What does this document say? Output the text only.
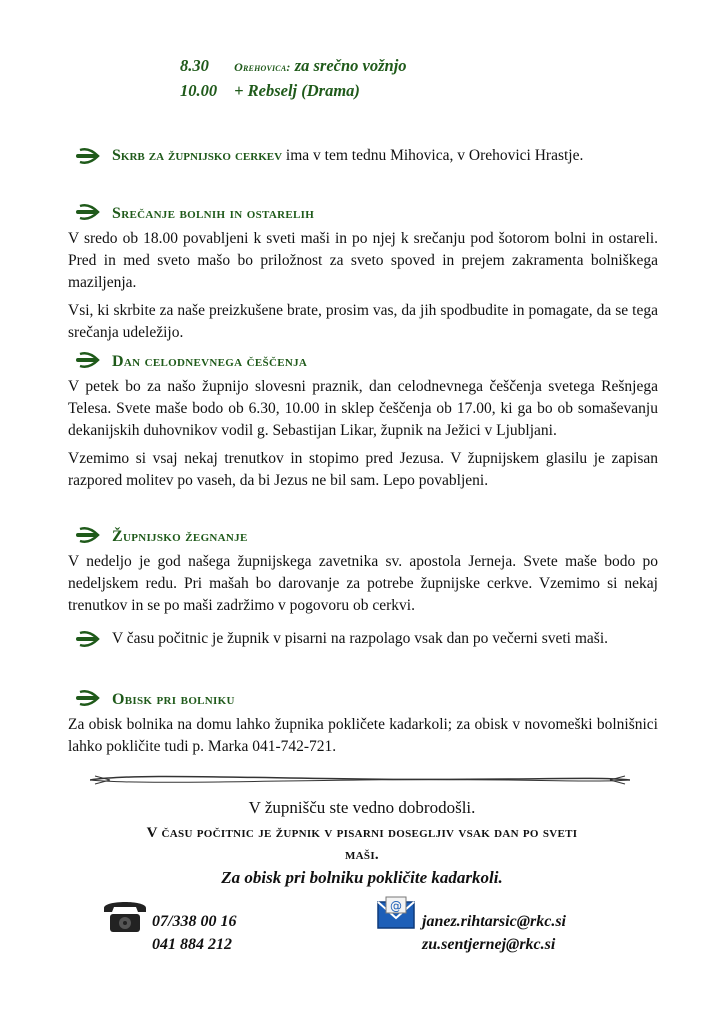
8.30 Orehovica: za srečno vožnjo
10.00 + Rebselj (Drama)
Skrb za župnijsko cerkev ima v tem tednu Mihovica, v Orehovici Hrastje.
Srečanje bolnih in ostarelih

V sredo ob 18.00 povabljeni k sveti maši in po njej k srečanju pod šotorom bolni in ostareli. Pred in med sveto mašo bo priložnost za sveto spoved in prejem zakramenta bolniškega maziljenja.

Vsi, ki skrbite za naše preizkušene brate, prosim vas, da jih spodbudite in pomagate, da se tega srečanja udeležijo.

Dan celodnevnega češčenja

V petek bo za našo župnijo slovesni praznik, dan celodnevnega češčenja svetega Rešnjega Telesa. Svete maše bodo ob 6.30, 10.00 in sklep češčenja ob 17.00, ki ga bo ob somaševanju dekanijskih duhovnikov vodil g. Sebastijan Likar, župnik na Ježici v Ljubljani.

Vzemimo si vsaj nekaj trenutkov in stopimo pred Jezusa. V župnijskem glasilu je zapisan razpored molitev po vaseh, da bi Jezus ne bil sam. Lepo povabljeni.

Župnijsko žegnanje

V nedeljo je god našega župnijskega zavetnika sv. apostola Jerneja. Svete maše bodo po nedeljskem redu. Pri mašah bo darovanje za potrebe župnijske cerkve. Vzemimo si nekaj trenutkov in se po maši zadržimo v pogovoru ob cerkvi.

V času počitnic je župnik v pisarni na razpolago vsak dan po večerni sveti maši.
Obisk pri bolniku

Za obisk bolnika na domu lahko župnika pokličete kadarkoli; za obisk v novomeški bolnišnici lahko pokličite tudi p. Marka 041-742-721.

V župnišču ste vedno dobrodošli.
V času počitnic je župnik v pisarni dosegljiv vsak dan po sveti maši.
Za obisk pri bolniku pokličite kadarkoli.
07/338 00 16
041 884 212
@
janez.rihtarsic@rkc.si
zu.sentjernej@rkc.si
